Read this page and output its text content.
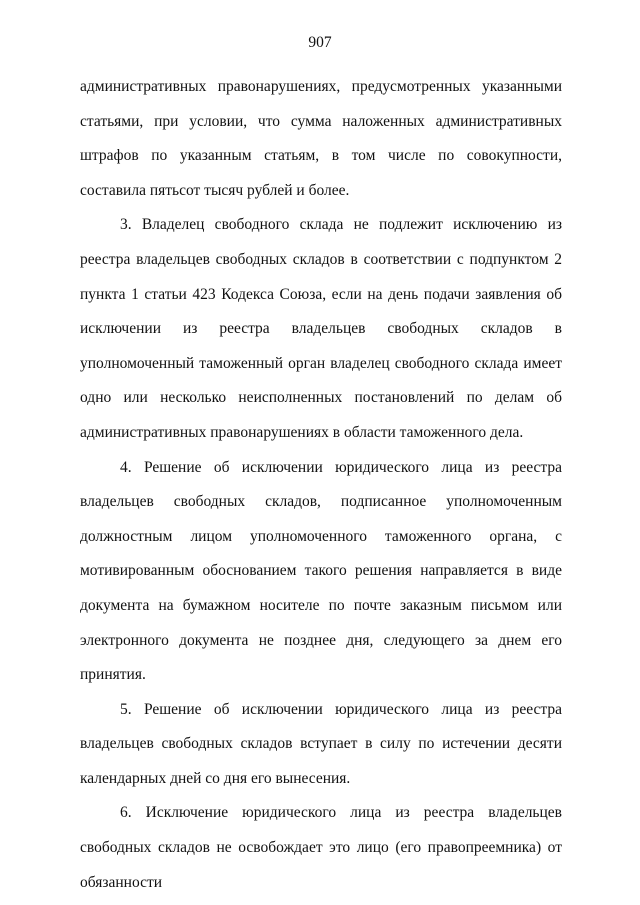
907

административных правонарушениях, предусмотренных указанными статьями, при условии, что сумма наложенных административных штрафов по указанным статьям, в том числе по совокупности, составила пятьсот тысяч рублей и более.

3. Владелец свободного склада не подлежит исключению из реестра владельцев свободных складов в соответствии с подпунктом 2 пункта 1 статьи 423 Кодекса Союза, если на день подачи заявления об исключении из реестра владельцев свободных складов в уполномоченный таможенный орган владелец свободного склада имеет одно или несколько неисполненных постановлений по делам об административных правонарушениях в области таможенного дела.

4. Решение об исключении юридического лица из реестра владельцев свободных складов, подписанное уполномоченным должностным лицом уполномоченного таможенного органа, с мотивированным обоснованием такого решения направляется в виде документа на бумажном носителе по почте заказным письмом или электронного документа не позднее дня, следующего за днем его принятия.

5. Решение об исключении юридического лица из реестра владельцев свободных складов вступает в силу по истечении десяти календарных дней со дня его вынесения.

6. Исключение юридического лица из реестра владельцев свободных складов не освобождает это лицо (его правопреемника) от обязанности
